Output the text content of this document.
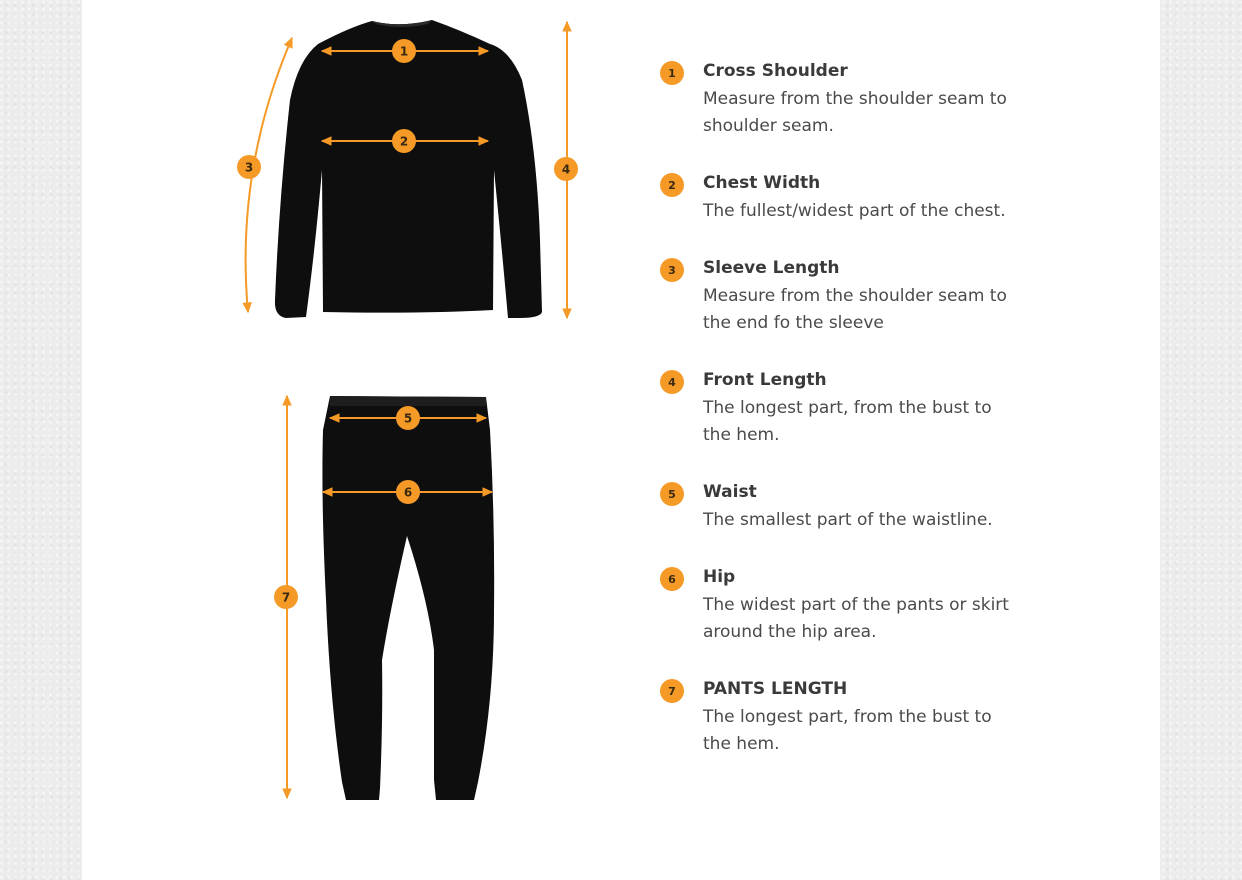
1
2
3	4
5
6
7
1 Cross Shoulder
Measure from the shoulder seam to shoulder seam.
2 Chest Width
The fullest/widest part of the chest.
3 Sleeve Length
Measure from the shoulder seam to the end fo the sleeve
4 Front Length
The longest part, from the bust to the hem.
5 Waist
The smallest part of the waistline.
6 Hip
The widest part of the pants or skirt around the hip area.
7 PANTS LENGTH
The longest part, from the bust to the hem.
